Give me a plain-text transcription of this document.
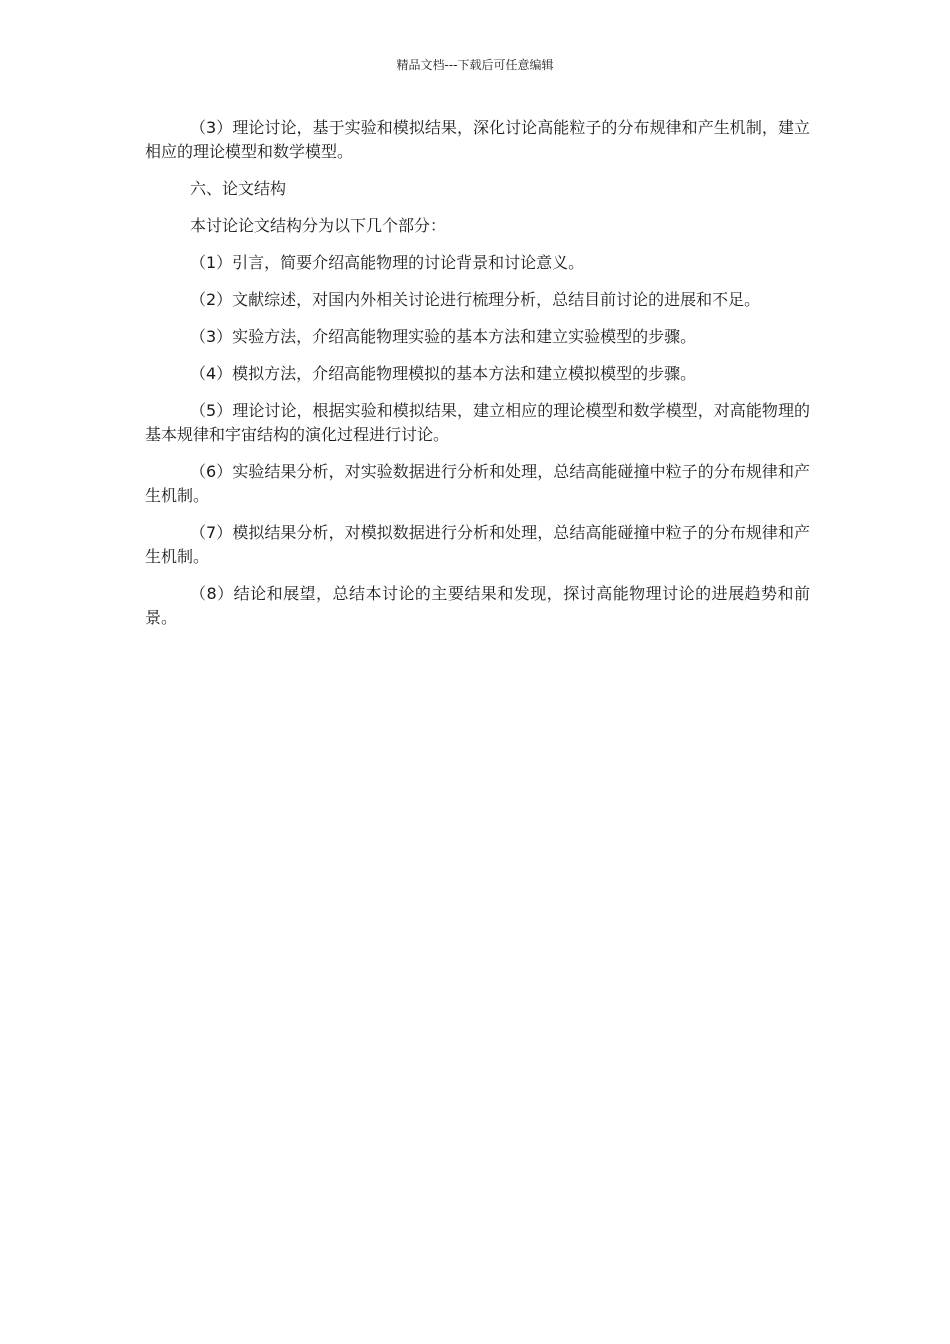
精品文档---下载后可任意编辑

（3）理论讨论，基于实验和模拟结果，深化讨论高能粒子的分布规律和产生机制，建立相应的理论模型和数学模型。

六、论文结构

本讨论论文结构分为以下几个部分：

（1）引言，简要介绍高能物理的讨论背景和讨论意义。

（2）文献综述，对国内外相关讨论进行梳理分析，总结目前讨论的进展和不足。

（3）实验方法，介绍高能物理实验的基本方法和建立实验模型的步骤。

（4）模拟方法，介绍高能物理模拟的基本方法和建立模拟模型的步骤。

（5）理论讨论，根据实验和模拟结果，建立相应的理论模型和数学模型，对高能物理的基本规律和宇宙结构的演化过程进行讨论。

（6）实验结果分析，对实验数据进行分析和处理，总结高能碰撞中粒子的分布规律和产生机制。

（7）模拟结果分析，对模拟数据进行分析和处理，总结高能碰撞中粒子的分布规律和产生机制。

（8）结论和展望，总结本讨论的主要结果和发现，探讨高能物理讨论的进展趋势和前景。
